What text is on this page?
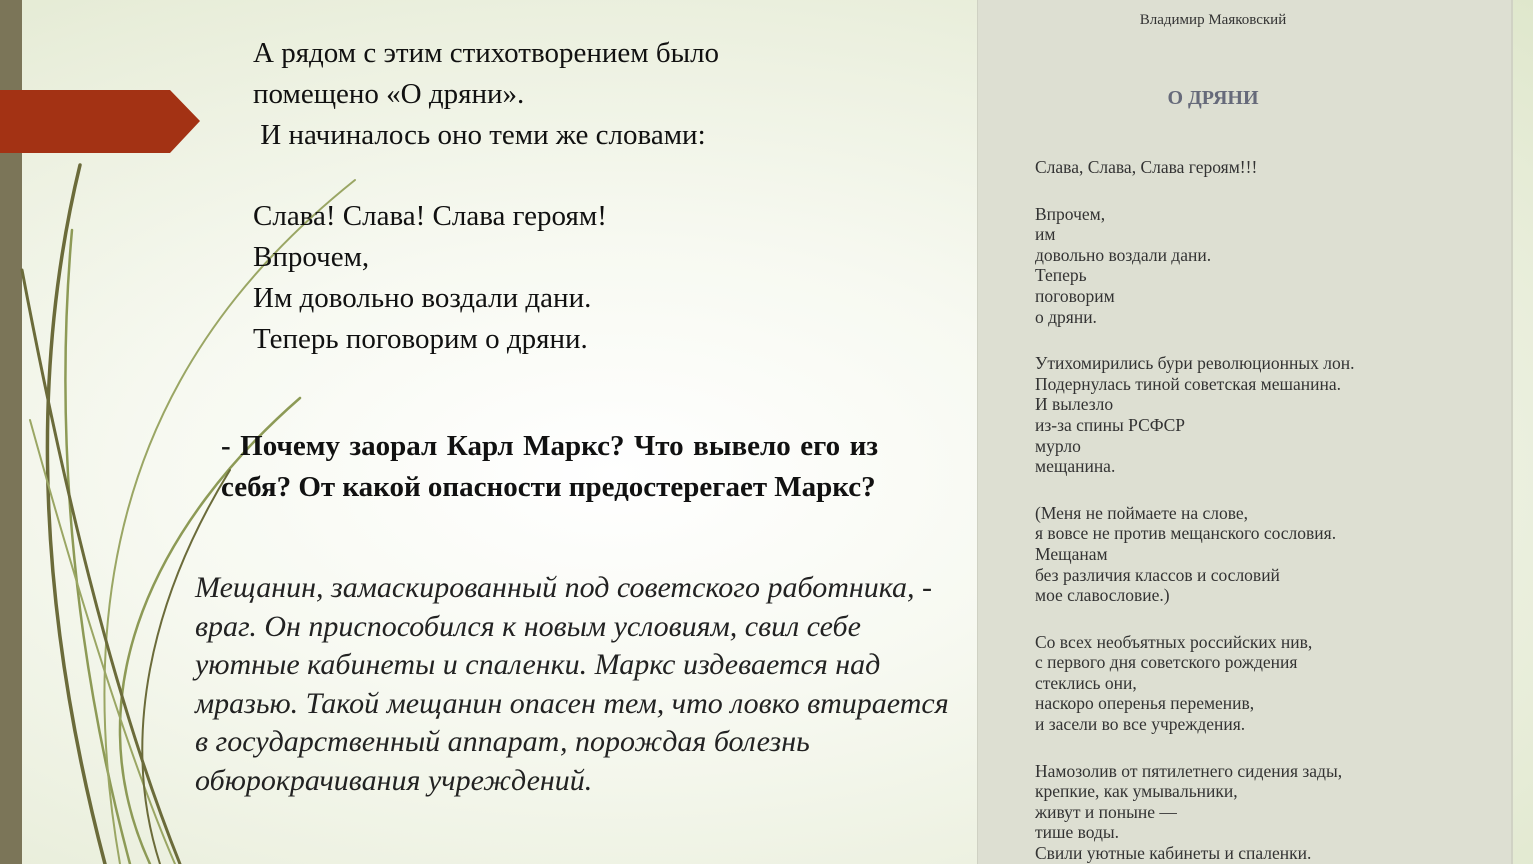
А рядом с этим стихотворением было
помещено «О дряни».
И начиналось оно теми же словами:
Слава! Слава! Слава героям!
Впрочем,
Им довольно воздали дани.
Теперь поговорим о дряни.
- Почему заорал Карл Маркс? Что вывело его из себя? От какой опасности предостерегает Маркс?
Мещанин, замаскированный под советского работника, - враг. Он приспособился к новым условиям, свил себе уютные кабинеты и спаленки. Маркс издевается над мразью. Такой мещанин опасен тем, что ловко втирается в государственный аппарат, порождая болезнь обюрокрачивания учреждений.
Владимир Маяковский
О ДРЯНИ
Слава, Слава, Слава героям!!!
Впрочем,
им
довольно воздали дани.
Теперь
поговорим
о дряни.
Утихомирились бури революционных лон.
Подернулась тиной советская мешанина.
И вылезло
из-за спины РСФСР
мурло
мещанина.
(Меня не поймаете на слове,
я вовсе не против мещанского сословия.
Мещанам
без различия классов и сословий
мое славословие.)
Со всех необъятных российских нив,
с первого дня советского рождения
стеклись они,
наскоро оперенья переменив,
и засели во все учреждения.
Намозолив от пятилетнего сидения зады,
крепкие, как умывальники,
живут и поныне —
тише воды.
Свили уютные кабинеты и спаленки.
